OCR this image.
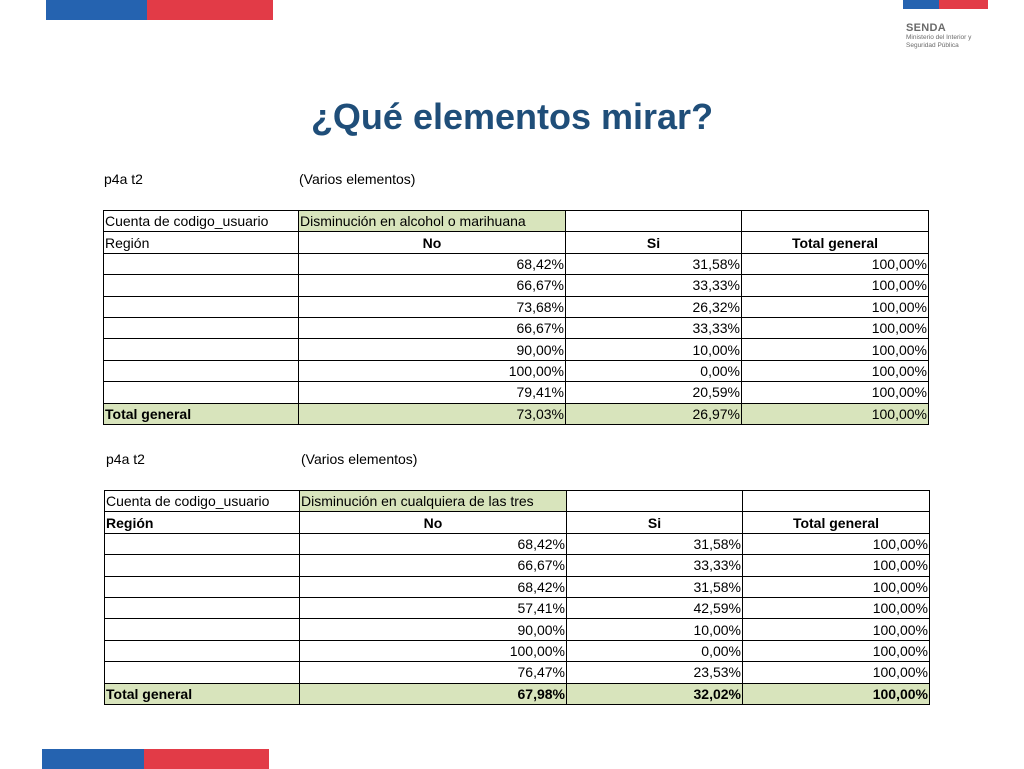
SENDA
Ministerio del Interior y Seguridad Pública
¿Qué elementos mirar?
p4a t2	(Varios elementos)
Cuenta de codigo_usuario	Disminución en alcohol o marihuana		
Región	No	Si	Total general
	68,42%	31,58%	100,00%
	66,67%	33,33%	100,00%
	73,68%	26,32%	100,00%
	66,67%	33,33%	100,00%
	90,00%	10,00%	100,00%
	100,00%	0,00%	100,00%
	79,41%	20,59%	100,00%
Total general	73,03%	26,97%	100,00%
p4a t2	(Varios elementos)
Cuenta de codigo_usuario	Disminución en cualquiera de las tres		
Región	No	Si	Total general
	68,42%	31,58%	100,00%
	66,67%	33,33%	100,00%
	68,42%	31,58%	100,00%
	57,41%	42,59%	100,00%
	90,00%	10,00%	100,00%
	100,00%	0,00%	100,00%
	76,47%	23,53%	100,00%
Total general	67,98%	32,02%	100,00%
